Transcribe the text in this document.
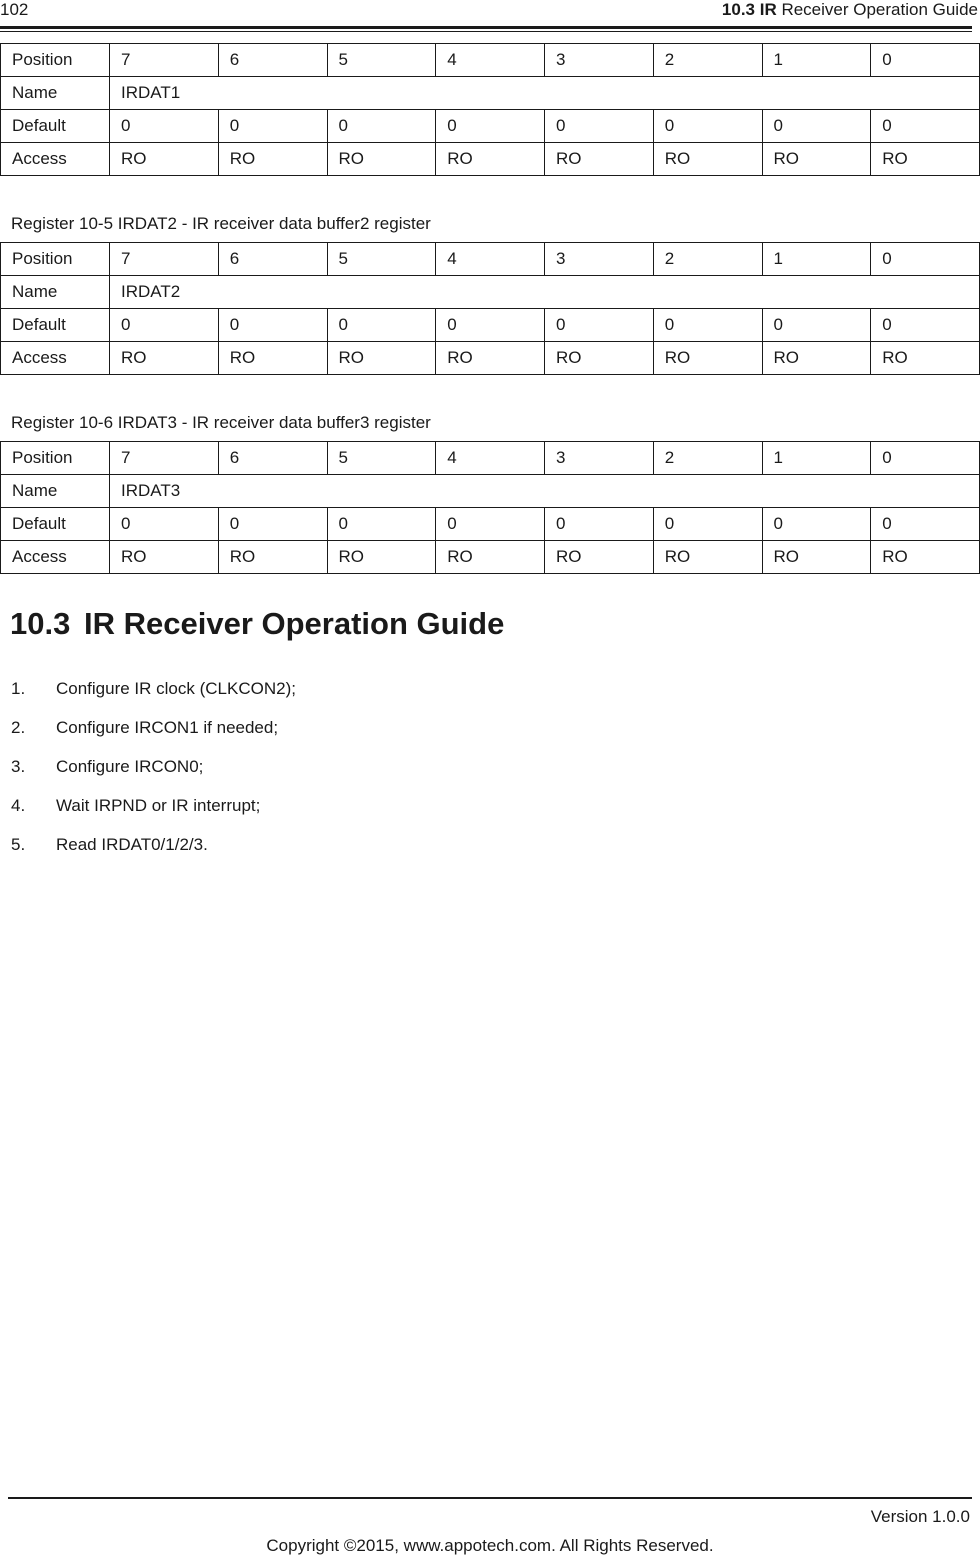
102	10.3 IR Receiver Operation Guide
Position	7	6	5	4	3	2	1	0
Name	IRDAT1							
Default	0	0	0	0	0	0	0	0
Access	RO	RO	RO	RO	RO	RO	RO	RO
Register 10-5 IRDAT2 - IR receiver data buffer2 register
Position	7	6	5	4	3	2	1	0
Name	IRDAT2							
Default	0	0	0	0	0	0	0	0
Access	RO	RO	RO	RO	RO	RO	RO	RO
Register 10-6 IRDAT3 - IR receiver data buffer3 register
Position	7	6	5	4	3	2	1	0
Name	IRDAT3							
Default	0	0	0	0	0	0	0	0
Access	RO	RO	RO	RO	RO	RO	RO	RO
10.3 IR Receiver Operation Guide
1. Configure IR clock (CLKCON2);
2. Configure IRCON1 if needed;
3. Configure IRCON0;
4. Wait IRPND or IR interrupt;
5. Read IRDAT0/1/2/3.
Version 1.0.0
Copyright ©2015, www.appotech.com. All Rights Reserved.
